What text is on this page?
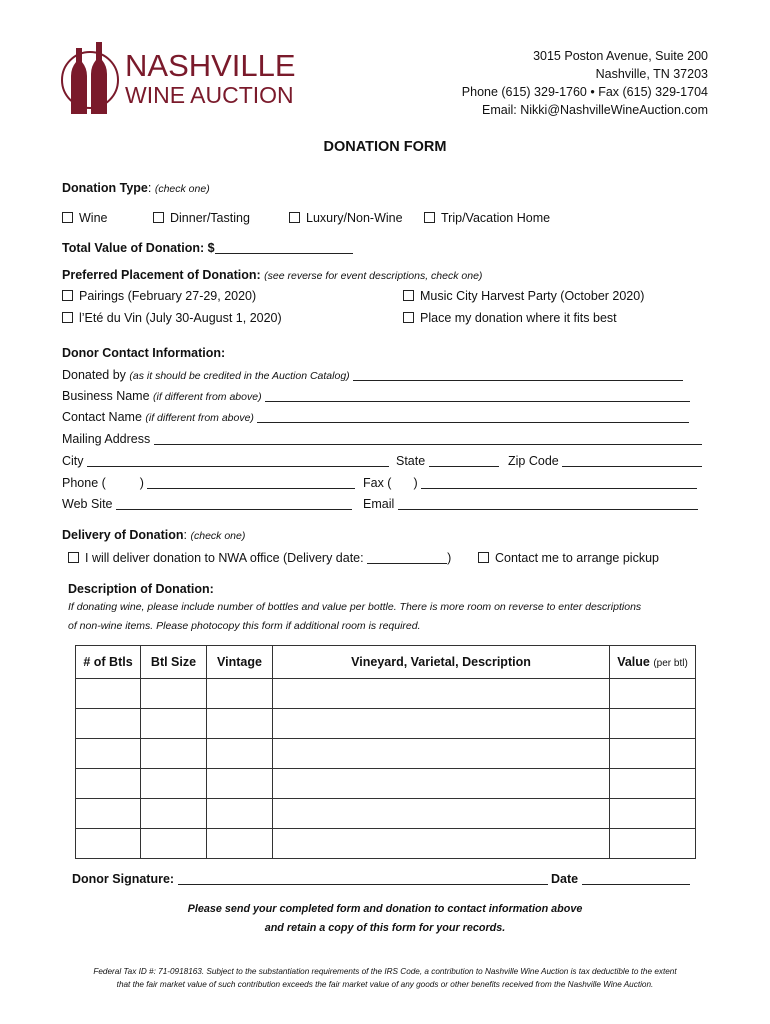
NASHVILLE
WINE AUCTION
3015 Poston Avenue, Suite 200
Nashville, TN 37203
Phone (615) 329-1760 • Fax (615) 329-1704
Email: Nikki@NashvilleWineAuction.com
DONATION FORM
Donation Type: (check one)
Wine	Dinner/Tasting	Luxury/Non-Wine	Trip/Vacation Home
Total Value of Donation: $
Preferred Placement of Donation: (see reverse for event descriptions, check one)
Pairings (February 27-29, 2020)	Music City Harvest Party (October 2020)
l’Eté du Vin (July 30-August 1, 2020)	Place my donation where it fits best
Donor Contact Information:
Donated by (as it should be credited in the Auction Catalog)
Business Name (if different from above)
Contact Name (if different from above)
Mailing Address
City	State	Zip Code
Phone (	)	Fax ( )
Web Site	Email
Delivery of Donation: (check one)
I will deliver donation to NWA office (Delivery date:	)	Contact me to arrange pickup
Description of Donation:
If donating wine, please include number of bottles and value per bottle. There is more room on reverse to enter descriptions
of non-wine items. Please photocopy this form if additional room is required.
# of Btls	Btl Size	Vintage	Vineyard, Varietal, Description	Value (per btl)

Donor Signature:	Date
Please send your completed form and donation to contact information above
and retain a copy of this form for your records.
Federal Tax ID #: 71-0918163. Subject to the substantiation requirements of the IRS Code, a contribution to Nashville Wine Auction is tax deductible to the extent
that the fair market value of such contribution exceeds the fair market value of any goods or other benefits received from the Nashville Wine Auction.
